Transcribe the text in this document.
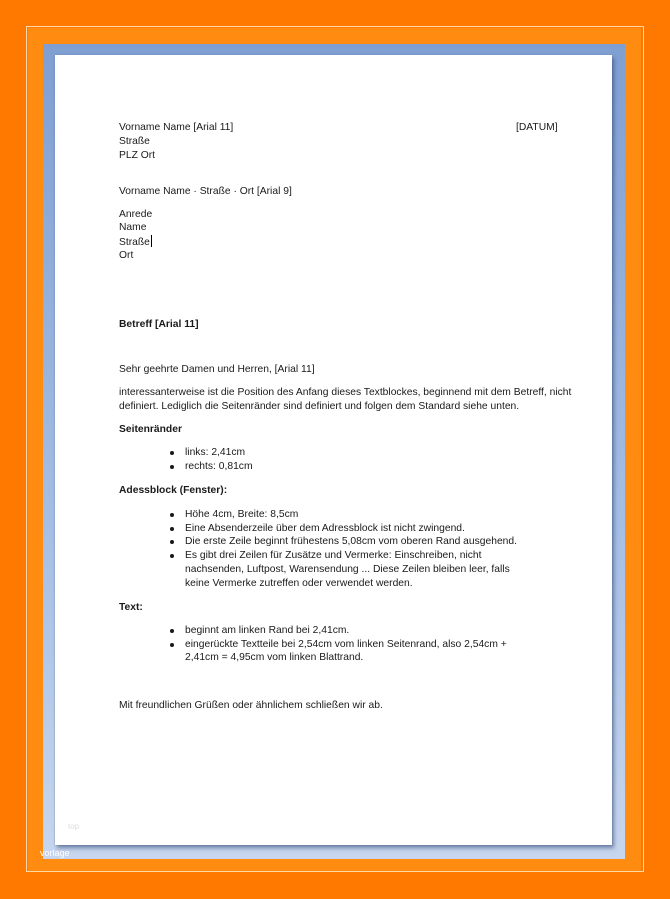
Vorname Name [Arial 11]	[DATUM]
Straße
PLZ Ort
Vorname Name · Straße · Ort [Arial 9]
Anrede
Name
Straße
Ort
Betreff [Arial 11]
Sehr geehrte Damen und Herren, [Arial 11]
interessanterweise ist die Position des Anfang dieses Textblockes, beginnend mit dem Betreff, nicht definiert. Lediglich die Seitenränder sind definiert und folgen dem Standard siehe unten.
Seitenränder
links: 2,41cm
rechts: 0,81cm
Adessblock (Fenster):
Höhe 4cm, Breite: 8,5cm
Eine Absenderzeile über dem Adressblock ist nicht zwingend.
Die erste Zeile beginnt frühestens 5,08cm vom oberen Rand ausgehend.
Es gibt drei Zeilen für Zusätze und Vermerke: Einschreiben, nicht nachsenden, Luftpost, Warensendung ... Diese Zeilen bleiben leer, falls keine Vermerke zutreffen oder verwendet werden.
Text:
beginnt am linken Rand bei 2,41cm.
eingerückte Textteile bei 2,54cm vom linken Seitenrand, also 2,54cm + 2,41cm = 4,95cm vom linken Blattrand.
Mit freundlichen Grüßen oder ähnlichem schließen wir ab.
top
vorlage
